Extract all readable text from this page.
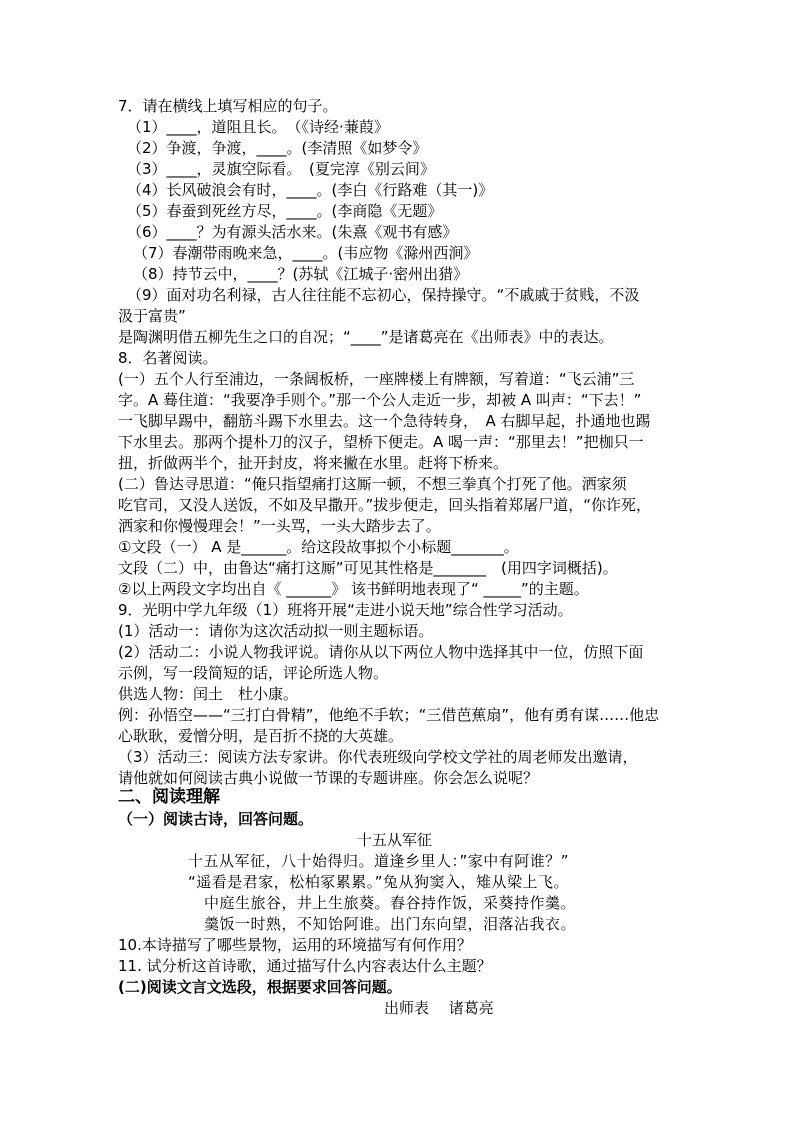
7．请在横线上填写相应的句子。
（1）____，道阻且长。　（《诗经·蒹葭》
（2）争渡，争渡，____。(李清照《如梦令》
（3）____，灵旗空际看。　(夏完淳《别云间》
（4）长风破浪会有时，____。(李白《行路难（其一)》
（5）春蚕到死丝方尽，____。(李商隐《无题》
（6）____？为有源头活水来。(朱熹《观书有感》
（7）春潮带雨晚来急，____。(韦应物《滁州西涧》
（8）持节云中，____？(苏轼《江城子·密州出猎》
（9）面对功名利禄，古人往往能不忘初心，保持操守。“不戚戚于贫贱，不汲
汲于富贵”
是陶渊明借五柳先生之口的自况；“____”是诸葛亮在《出师表》中的表达。
8．名著阅读。
(一）五个人行至浦边，一条阔板桥，一座牌楼上有牌额，写着道：“飞云浦”三
字。A 蓦住道：“我要净手则个。”那一个公人走近一步，却被 A 叫声：“下去！”
一飞脚早踢中，翻筋斗踢下水里去。这一个急待转身，　A 右脚早起，扑通地也踢
下水里去。那两个提朴刀的汉子，望桥下便走。A 喝一声：“那里去！”把枷只一
扭，折做两半个，扯开封皮，将来撇在水里。赶将下桥来。
(二）鲁达寻思道：“俺只指望痛打这厮一顿，不想三拳真个打死了他。洒家须
吃官司，又没人送饭，不如及早撒开。”拔步便走，回头指着郑屠尸道，“你诈死，
洒家和你慢慢理会！”一头骂，一头大踏步去了。
①文段（一） A 是______。给这段故事拟个小标题_______。
文段（二）中，由鲁达“痛打这厮”可见其性格是_______　(用四字词概括)。
②以上两段文字均出自《 ______》 该书鲜明地表现了“ _____”的主题。
9．光明中学九年级（1）班将开展“走进小说天地”综合性学习活动。
(1）活动一：请你为这次活动拟一则主题标语。
(2）活动二：小说人物我评说。请你从以下两位人物中选择其中一位，仿照下面
示例，写一段简短的话，评论所选人物。
供选人物：闰土　杜小康。
例：孙悟空——“三打白骨精”，他绝不手软；“三借芭蕉扇”，他有勇有谋……他忠
心耿耿，爱憎分明，是百折不挠的大英雄。
（3）活动三：阅读方法专家讲。你代表班级向学校文学社的周老师发出邀请，
请他就如何阅读古典小说做一节课的专题讲座。你会怎么说呢？
二、阅读理解
（一）阅读古诗，回答问题。
十五从军征
十五从军征，八十始得归。道逢乡里人：”家中有阿谁？”
“遥看是君家，松柏冢累累。”兔从狗窦入，雉从梁上飞。
中庭生旅谷，井上生旅葵。舂谷持作饭，采葵持作羹。
羹饭一时熟，不知饴阿谁。出门东向望，泪落沾我衣。
10.本诗描写了哪些景物，运用的环境描写有何作用？
11. 试分析这首诗歌，通过描写什么内容表达什么主题？
(二)阅读文言文选段，根据要求回答问题。
出师表　 诸葛亮
